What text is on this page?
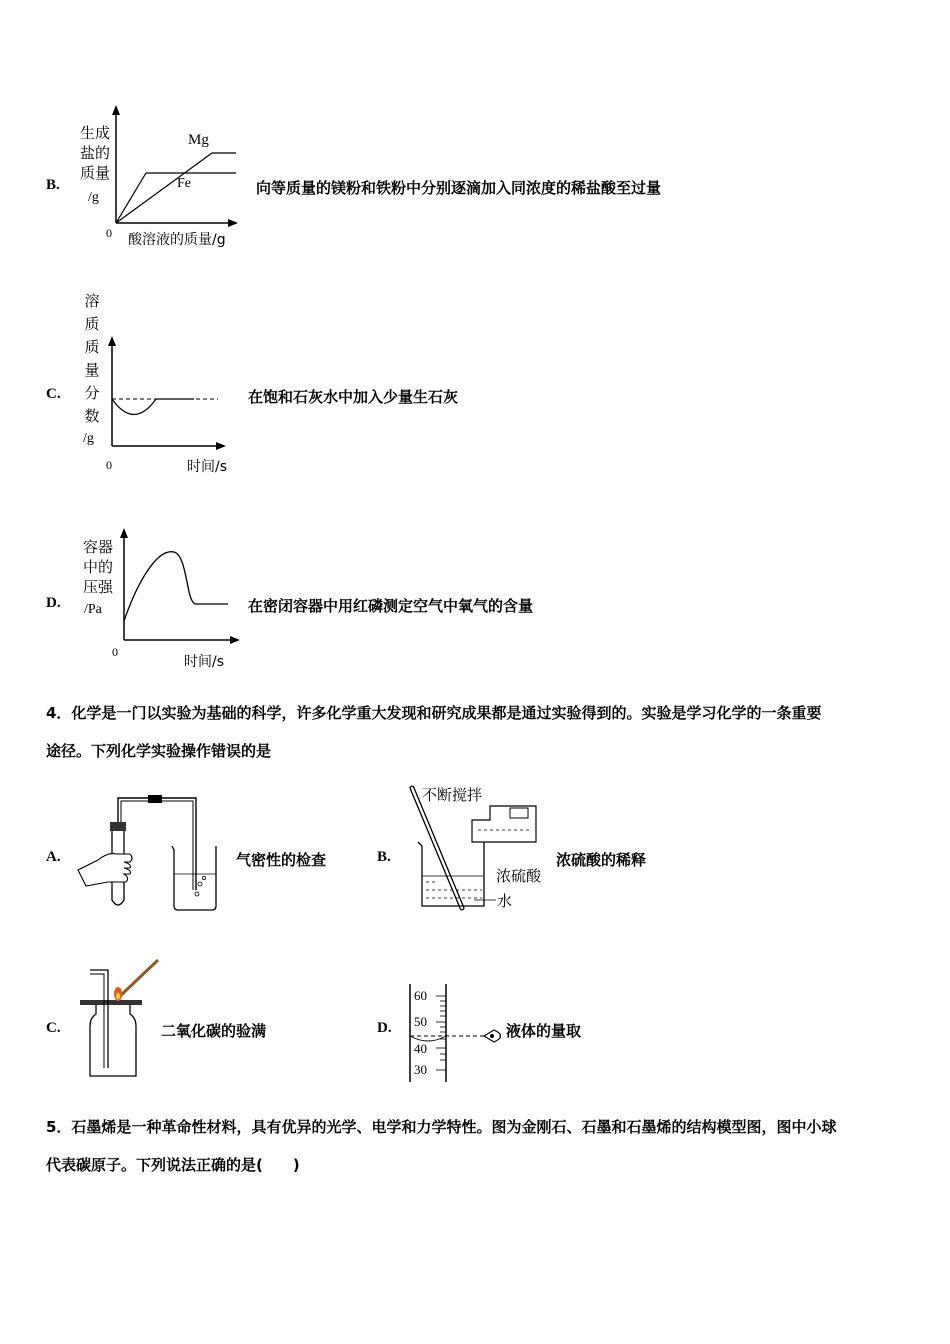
B.
生成
盐的
质量
/g
0 酸溶液的质量/g
Mg
Fe	向等质量的镁粉和铁粉中分别逐滴加入同浓度的稀盐酸至过量
C.
溶
质
质
量
分
数
/g
0	时间/s
在饱和石灰水中加入少量生石灰
D.
容器
中的
压强
/Pa
0
时间/s
在密闭容器中用红磷测定空气中氧气的含量
4．化学是一门以实验为基础的科学，许多化学重大发现和研究成果都是通过实验得到的。实验是学习化学的一条重要
途径。下列化学实验操作错误的是
A.	气密性的检查	B.
不断搅拌
浓硫酸
水
浓硫酸的稀释
C.	二氧化碳的验满	D.
60
50
40
30
液体的量取
5．石墨烯是一种革命性材料，具有优异的光学、电学和力学特性。图为金刚石、石墨和石墨烯的结构模型图，图中小球
代表碳原子。下列说法正确的是(　　)
